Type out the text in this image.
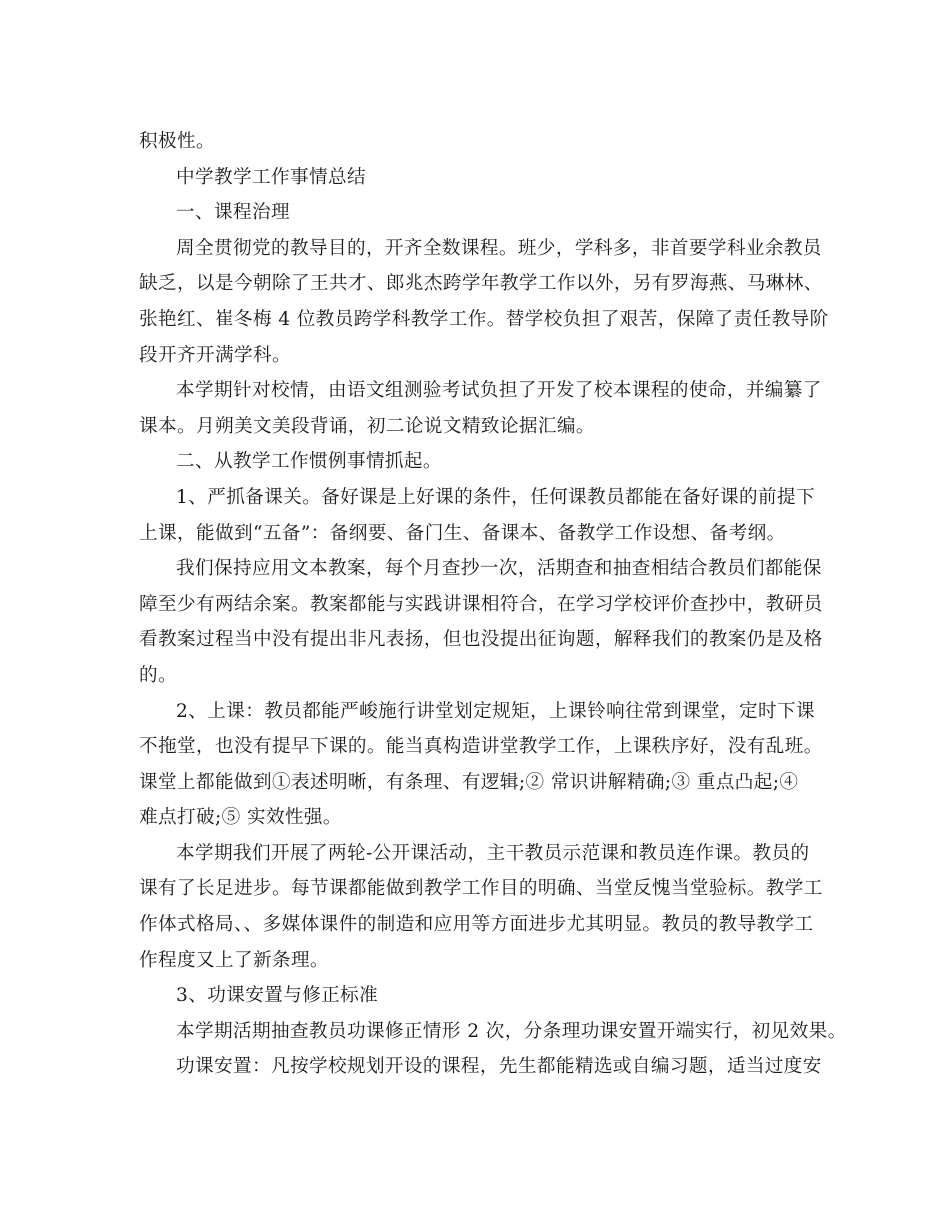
积极性。
中学教学工作事情总结
一、课程治理
周全贯彻党的教导目的，开齐全数课程。班少，学科多，非首要学科业余教员
缺乏，以是今朝除了王共才、郎兆杰跨学年教学工作以外，另有罗海燕、马琳林、
张艳红、崔冬梅 4 位教员跨学科教学工作。替学校负担了艰苦，保障了责任教导阶
段开齐开满学科。
本学期针对校情，由语文组测验考试负担了开发了校本课程的使命，并编纂了
课本。月朔美文美段背诵，初二论说文精致论据汇编。
二、从教学工作惯例事情抓起。
1、严抓备课关。备好课是上好课的条件，任何课教员都能在备好课的前提下
上课，能做到“五备”：备纲要、备门生、备课本、备教学工作设想、备考纲。
我们保持应用文本教案，每个月查抄一次，活期查和抽查相结合教员们都能保
障至少有两结余案。教案都能与实践讲课相符合，在学习学校评价查抄中，教研员
看教案过程当中没有提出非凡表扬，但也没提出征询题，解释我们的教案仍是及格
的。
2、上课：教员都能严峻施行讲堂划定规矩，上课铃响往常到课堂，定时下课
不拖堂，也没有提早下课的。能当真构造讲堂教学工作，上课秩序好，没有乱班。
课堂上都能做到①表述明晰，有条理、有逻辑;② 常识讲解精确;③ 重点凸起;④
难点打破;⑤ 实效性强。
本学期我们开展了两轮-公开课活动，主干教员示范课和教员连作课。教员的
课有了长足进步。每节课都能做到教学工作目的明确、当堂反愧当堂验标。教学工
作体式格局、、多媒体课件的制造和应用等方面进步尤其明显。教员的教导教学工
作程度又上了新条理。
3、功课安置与修正标准
本学期活期抽查教员功课修正情形 2 次，分条理功课安置开端实行，初见效果。
功课安置：凡按学校规划开设的课程，先生都能精选或自编习题，适当过度安
